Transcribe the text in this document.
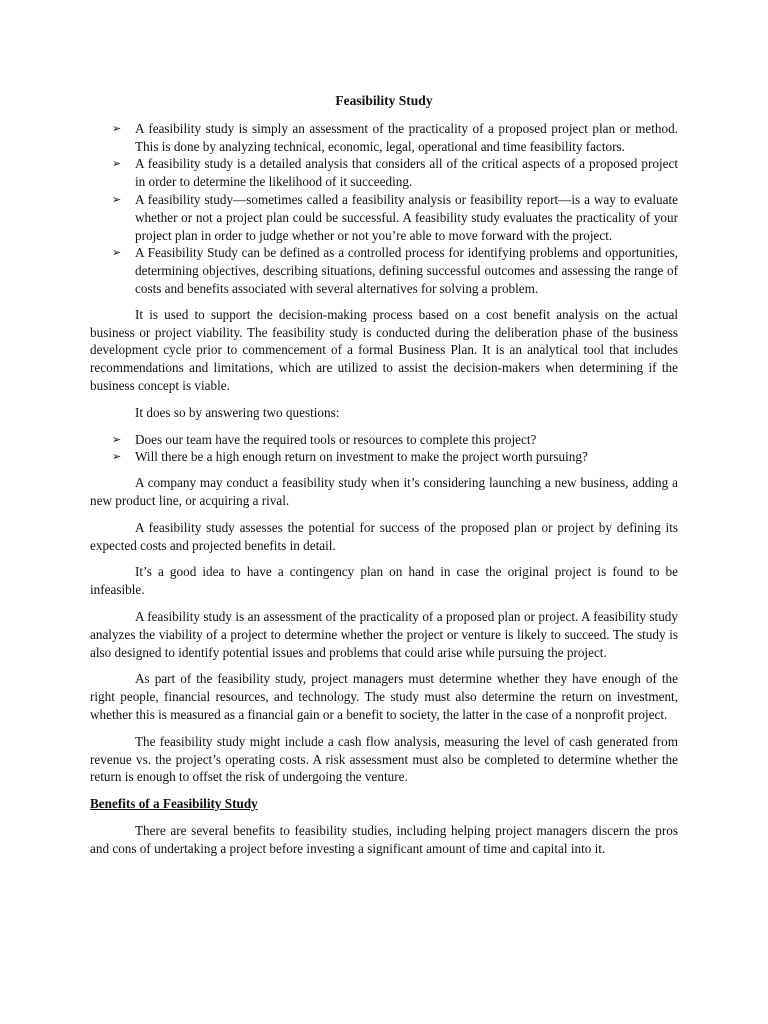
Feasibility Study
➢ A feasibility study is simply an assessment of the practicality of a proposed project plan or method. This is done by analyzing technical, economic, legal, operational and time feasibility factors.
➢ A feasibility study is a detailed analysis that considers all of the critical aspects of a proposed project in order to determine the likelihood of it succeeding.
➢ A feasibility study—sometimes called a feasibility analysis or feasibility report—is a way to evaluate whether or not a project plan could be successful. A feasibility study evaluates the practicality of your project plan in order to judge whether or not you’re able to move forward with the project.
➢ A Feasibility Study can be defined as a controlled process for identifying problems and opportunities, determining objectives, describing situations, defining successful outcomes and assessing the range of costs and benefits associated with several alternatives for solving a problem.

It is used to support the decision-making process based on a cost benefit analysis on the actual business or project viability. The feasibility study is conducted during the deliberation phase of the business development cycle prior to commencement of a formal Business Plan. It is an analytical tool that includes recommendations and limitations, which are utilized to assist the decision-makers when determining if the business concept is viable.

It does so by answering two questions:

➢ Does our team have the required tools or resources to complete this project?
➢ Will there be a high enough return on investment to make the project worth pursuing?

A company may conduct a feasibility study when it’s considering launching a new business, adding a new product line, or acquiring a rival.

A feasibility study assesses the potential for success of the proposed plan or project by defining its expected costs and projected benefits in detail.

It’s a good idea to have a contingency plan on hand in case the original project is found to be infeasible.

A feasibility study is an assessment of the practicality of a proposed plan or project. A feasibility study analyzes the viability of a project to determine whether the project or venture is likely to succeed. The study is also designed to identify potential issues and problems that could arise while pursuing the project.

As part of the feasibility study, project managers must determine whether they have enough of the right people, financial resources, and technology. The study must also determine the return on investment, whether this is measured as a financial gain or a benefit to society, the latter in the case of a nonprofit project.

The feasibility study might include a cash flow analysis, measuring the level of cash generated from revenue vs. the project’s operating costs. A risk assessment must also be completed to determine whether the return is enough to offset the risk of undergoing the venture.

Benefits of a Feasibility Study

There are several benefits to feasibility studies, including helping project managers discern the pros and cons of undertaking a project before investing a significant amount of time and capital into it.
